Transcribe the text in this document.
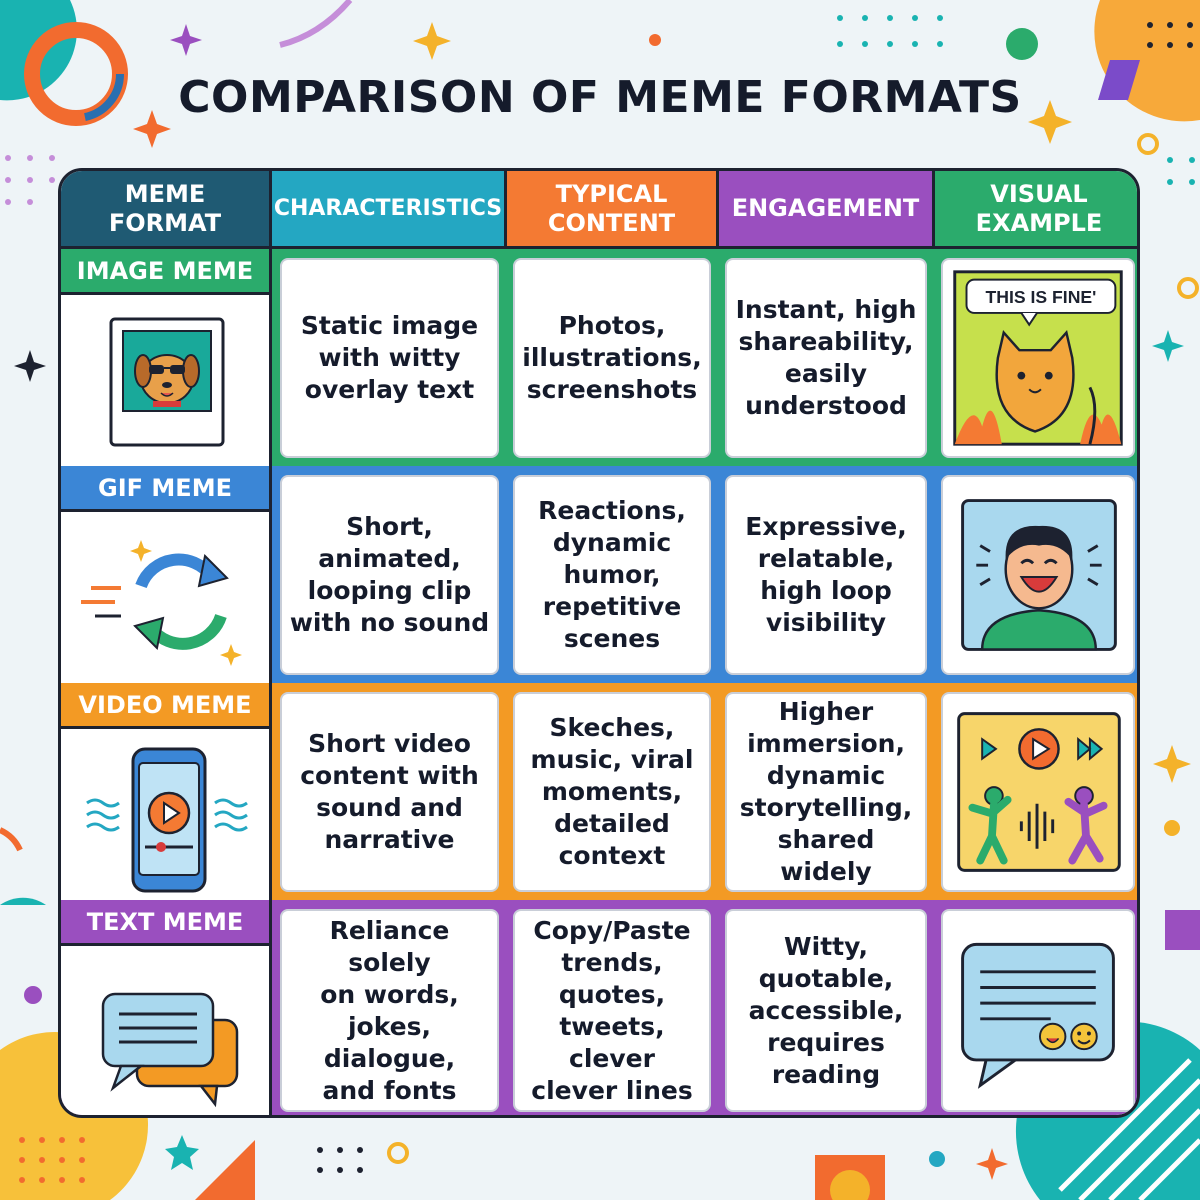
COMPARISON OF MEME FORMATS
MEME
FORMAT	CHARACTERISTICS
TYPICAL
CONTENT
ENGAGEMENT
VISUAL
EXAMPLE
IMAGE MEME
Static image
with witty
overlay text
Photos,
illustrations,
screenshots
Instant, high
shareability,
easily
understood
THIS IS FINE'
GIF MEME
Short,
animated,
looping clip
with no sound
Reactions,
dynamic
humor,
repetitive
scenes
Expressive,
relatable,
high loop
visibility
VIDEO MEME
Short video
content with
sound and
narrative
Skeches,
music, viral
moments,
detailed
context
Higher
immersion,
dynamic
storytelling,
shared widely
TEXT MEME	Reliance solely
on words,
jokes, dialogue,
and fonts
Copy/Paste
trends, quotes,
tweets, clever
clever lines
Witty,
quotable,
accessible,
requires
reading
